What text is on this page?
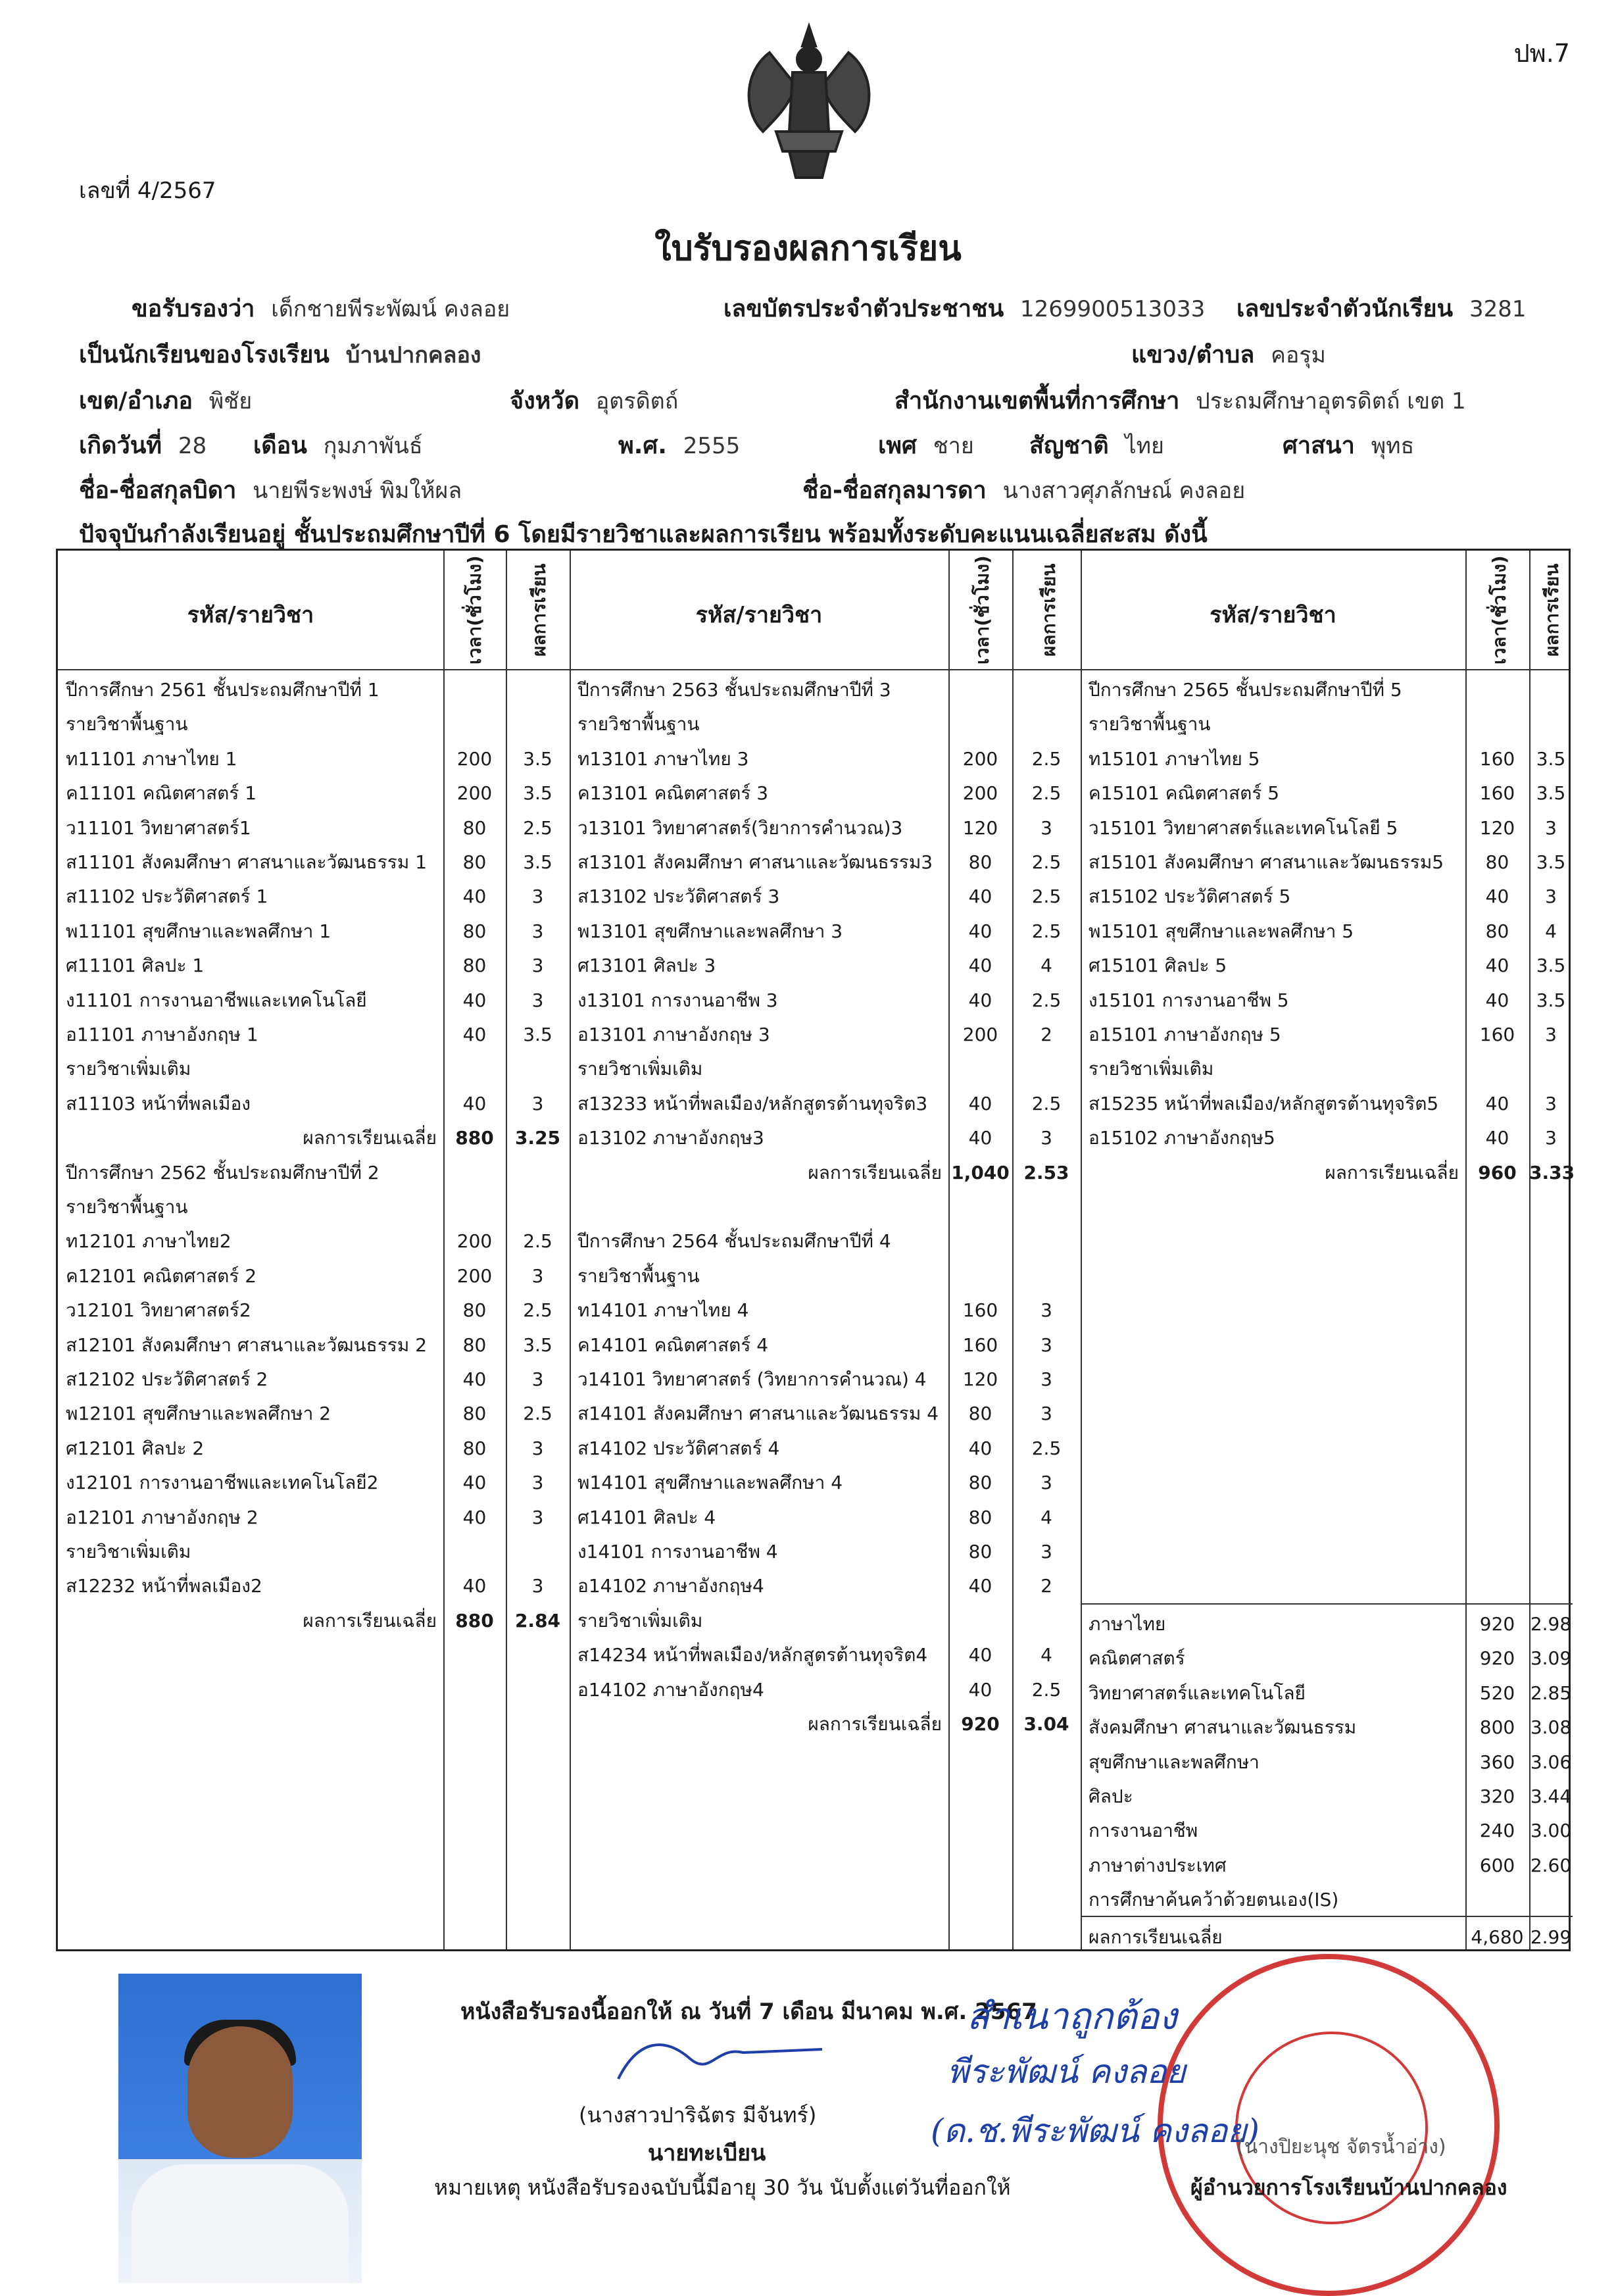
ปพ.7
เลขที่ 4/2567
ใบรับรองผลการเรียน
ขอรับรองว่า เด็กชายพีระพัฒน์ คงลอย	เลขบัตรประจำตัวประชาชน 1269900513033 เลขประจำตัวนักเรียน 3281
เป็นนักเรียนของโรงเรียน บ้านปากคลอง	แขวง/ตำบล คอรุม
เขต/อำเภอ พิชัย	จังหวัด อุตรดิตถ์	สำนักงานเขตพื้นที่การศึกษา ประถมศึกษาอุตรดิตถ์ เขต 1
เกิดวันที่ 28 เดือน กุมภาพันธ์	พ.ศ. 2555	เพศ ชาย สัญชาติ ไทย	ศาสนา พุทธ
ชื่อ-ชื่อสกุลบิดา นายพีระพงษ์ พิมให้ผล	ชื่อ-ชื่อสกุลมารดา นางสาวศุภลักษณ์ คงลอย
ปัจจุบันกำลังเรียนอยู่ ชั้นประถมศึกษาปีที่ 6 โดยมีรายวิชาและผลการเรียน พร้อมทั้งระดับคะแนนเฉลี่ยสะสม ดังนี้
รหัส/รายวิชา	รหัส/รายวิชา	รหัส/รายวิชา
เวลา(ชั่วโมง) ผลการเรียน	เวลา(ชั่วโมง) ผลการเรียน	เวลา(ชั่วโมง) ผลการเรียน
ปีการศึกษา 2561 ชั้นประถมศึกษาปีที่ 1
รายวิชาพื้นฐาน
ท11101 ภาษาไทย 1	200	3.5
ค11101 คณิตศาสตร์ 1	200	3.5
ว11101 วิทยาศาสตร์1	80	2.5
ส11101 สังคมศึกษา ศาสนาและวัฒนธรรม 1	80	3.5
ส11102 ประวัติศาสตร์ 1	40	3
พ11101 สุขศึกษาและพลศึกษา 1	80	3
ศ11101 ศิลปะ 1	80	3
ง11101 การงานอาชีพและเทคโนโลยี	40	3
อ11101 ภาษาอังกฤษ 1	40	3.5
รายวิชาเพิ่มเติม
ส11103 หน้าที่พลเมือง	40	3
ผลการเรียนเฉลี่ย	880	3.25
ปีการศึกษา 2562 ชั้นประถมศึกษาปีที่ 2
รายวิชาพื้นฐาน
ท12101 ภาษาไทย2	200	2.5
ค12101 คณิตศาสตร์ 2	200	3
ว12101 วิทยาศาสตร์2	80	2.5
ส12101 สังคมศึกษา ศาสนาและวัฒนธรรม 2	80	3.5
ส12102 ประวัติศาสตร์ 2	40	3
พ12101 สุขศึกษาและพลศึกษา 2	80	2.5
ศ12101 ศิลปะ 2	80	3
ง12101 การงานอาชีพและเทคโนโลยี2	40	3
อ12101 ภาษาอังกฤษ 2	40	3
รายวิชาเพิ่มเติม
ส12232 หน้าที่พลเมือง2	40	3
ผลการเรียนเฉลี่ย	880	2.84
ปีการศึกษา 2563 ชั้นประถมศึกษาปีที่ 3
รายวิชาพื้นฐาน
ท13101 ภาษาไทย 3	200	2.5
ค13101 คณิตศาสตร์ 3	200	2.5
ว13101 วิทยาศาสตร์(วิยาการคำนวณ)3	120	3
ส13101 สังคมศึกษา ศาสนาและวัฒนธรรม3	80	2.5
ส13102 ประวัติศาสตร์ 3	40	2.5
พ13101 สุขศึกษาและพลศึกษา 3	40	2.5
ศ13101 ศิลปะ 3	40	4
ง13101 การงานอาชีพ 3	40	2.5
อ13101 ภาษาอังกฤษ 3	200	2
รายวิชาเพิ่มเติม
ส13233 หน้าที่พลเมือง/หลักสูตรต้านทุจริต3	40	2.5
อ13102 ภาษาอังกฤษ3	40	3
ผลการเรียนเฉลี่ย 1,040 2.53
ปีการศึกษา 2564 ชั้นประถมศึกษาปีที่ 4
รายวิชาพื้นฐาน
ท14101 ภาษาไทย 4	160	3
ค14101 คณิตศาสตร์ 4	160	3
ว14101 วิทยาศาสตร์ (วิทยาการคำนวณ) 4	120	3
ส14101 สังคมศึกษา ศาสนาและวัฒนธรรม 4	80	3
ส14102 ประวัติศาสตร์ 4	40	2.5
พ14101 สุขศึกษาและพลศึกษา 4	80	3
ศ14101 ศิลปะ 4	80	4
ง14101 การงานอาชีพ 4	80	3
อ14102 ภาษาอังกฤษ4	40	2
รายวิชาเพิ่มเติม
ส14234 หน้าที่พลเมือง/หลักสูตรต้านทุจริต4	40	4
อ14102 ภาษาอังกฤษ4	40	2.5
ผลการเรียนเฉลี่ย	920	3.04
ปีการศึกษา 2565 ชั้นประถมศึกษาปีที่ 5
รายวิชาพื้นฐาน
ท15101 ภาษาไทย 5	160	3.5
ค15101 คณิตศาสตร์ 5	160	3.5
ว15101 วิทยาศาสตร์และเทคโนโลยี 5	120	3
ส15101 สังคมศึกษา ศาสนาและวัฒนธรรม5	80	3.5
ส15102 ประวัติศาสตร์ 5	40	3
พ15101 สุขศึกษาและพลศึกษา 5	80	4
ศ15101 ศิลปะ 5	40	3.5
ง15101 การงานอาชีพ 5	40	3.5
อ15101 ภาษาอังกฤษ 5	160	3
รายวิชาเพิ่มเติม
ส15235 หน้าที่พลเมือง/หลักสูตรต้านทุจริต5	40	3
อ15102 ภาษาอังกฤษ5	40	3
ผลการเรียนเฉลี่ย	960 3.33
ภาษาไทย	920 2.98
คณิตศาสตร์	920 3.09
วิทยาศาสตร์และเทคโนโลยี	520 2.85
สังคมศึกษา ศาสนาและวัฒนธรรม	800 3.08
สุขศึกษาและพลศึกษา	360 3.06
ศิลปะ	320 3.44
การงานอาชีพ	240 3.00
ภาษาต่างประเทศ	600 2.60
การศึกษาค้นคว้าด้วยตนเอง(IS)
ผลการเรียนเฉลี่ย	4,680 2.99
หนังสือรับรองนี้ออกให้ ณ วันที่ 7 เดือน มีนาคม พ.ศ. 2567
(นางสาวปาริฉัตร มีจันทร์)
นายทะเบียน
หมายเหตุ หนังสือรับรองฉบับนี้มีอายุ 30 วัน นับตั้งแต่วันที่ออกให้
สำเนาถูกต้อง
พีระพัฒน์ คงลอย
(ด.ช.พีระพัฒน์ คงลอย)
(นางปิยะนุช จัตรน้ำอ่าง)
ผู้อำนวยการโรงเรียนบ้านปากคลอง
